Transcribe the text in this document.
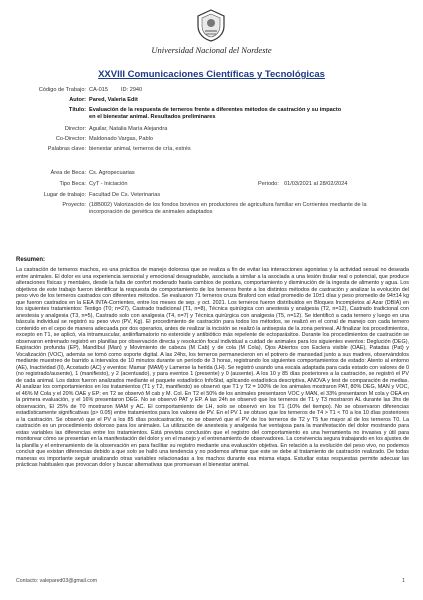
Universidad Nacional del Nordeste
XXVIII Comunicaciones Científicas y Tecnológicas
Código de Trabajo: CA-015 ID: 2940
Autor: Pared, Valeria Edit
Título: Evaluación de la respuesta de terneros frente a diferentes métodos de castración y su impacto
en el bienestar animal. Resultados preliminares
Director: Aguilar, Natalia María Alejandra
Co-Director: Maldonado Vargas, Pablo
Palabras clave: bienestar animal, terneros de cría, estrés
Área de Beca: Cs. Agropecuarias
Tipo Beca: CyT - Iniciación	Periodo: 01/03/2021 al 28/02/2024
Lugar de trabajo: Facultad De Cs. Veterinarias
Proyecto: (18B002) Valorización de los fondos bovinos en productores de agricultura familiar en Corrientes mediante de la
incorporación de genética de animales adaptados
Resumen:
La castración de terneros machos, es una práctica de manejo dolorosa que se realiza a fin de evitar las interacciones agonistas y la actividad sexual no deseada entre animales. El dolor es una experiencia sensorial y emocional desagradable, asociada a similar a la asociada a una lesión tisular real o potencial, que produce alteraciones físicas y mentales, desde la falta de confort moderado hasta cambios de postura, comportamiento y disminución de la ingesta de alimento y agua. Los objetivos de este trabajo fueron identificar la respuesta de comportamiento de los terneros frente a los distintos métodos de castración y analizar la evolución del peso vivo de los terneros castrados con diferentes métodos. Se evaluaron 71 terneros cruza Braford con edad promedio de 10±1 días y peso promedio de 94±14 kg que fueron castrados en la EEA INTA-Corrientes, entre los meses de sep. y oct. 2021. Los terneros fueron distribuidos en Bloques Incompletos al Azar (DBIA) en los siguientes tratamientos: Testigo (T0; n=27), Castrado tradicional (T1, n=8), Técnica quirúrgica con anestesia y analgesia (T2, n=12), Castrado tradicional con anestesia y analgesia (T3, n=5), Castrado solo con analgesia (T4, n=7) y Técnica quirúrgica con analgesia (T5, n=12). Se identificó a cada ternero y luego en una báscula individual se registró su peso vivo (PV, Kg). El procedimiento de castración para todos los métodos, se realizó en el corral de manejo con cada ternero contenido en el cepo de manera adecuada por dos operarios, antes de realizar la incisión se realizó la antisepsia de la zona perineal. Al finalizar los procedimientos, excepto en T1, se aplicó, vía intramuscular, antiinflamatorio no esteroide y antibiótico más repelente de ectoparásitos. Durante los procedimientos de castración se observaron entrenado registró en planillas por observación directa y resolución focal individual a cuidad de animales para los siguientes eventos: Deglución (DEG), Espiración profunda (EP), Mandíbul (Man) y Movimiento de cabeza (M Cab) y de cola (M Cola), Ojos Abiertos con Esclera visible (OAE), Patadas (Pat) y Vocalización (VOC), además se tomó como soporte digital. A las 24hs, los terneros permanecieron en el potrero de mansedad junto a sus madres, observándolos mediante muestreo de barrido a intervalos de 10 minutos durante un período de 3 horas, registrando los siguientes comportamientos de estado: Atento al entorno (AE), Inactividad (II), Acostado (AC) y eventos: Mamar (MAM) y Lamerse la herida (LH). Se registró usando una escala adaptada para cada estado con valores de 0 (no registrado/ausente), 1 (manifiesto), y 2 (acentuado), y para eventos 1 (presente) y 0 (ausente). A los 10 y 85 días posteriores a la castración, se registró el PV de cada animal. Los datos fueron analizados mediante el paquete estadístico InfoStat, aplicando estadística descriptiva, ANOVA y test de comparación de medias. Al analizar los comportamientos en los tratamientos (T1 y T2, manifiesto) se observó que T1 y T2 = 100% de los animales mostraron PAT, 80% DEG, MAN y VOC, el 46% M Cola y el 20% OAE y EP; en T2 se observó M cab y M. Col. En T2 el 50% de los animales presentaron VOC y MAN, el 33% presentaron M cola y OEA en la primera evaluación, y el 16% presentaron DEG. No se observó PAT y EP. A las 24h se observó que los terneros de T1 y T3 mostraron AL durante las 3hs de observación, El 25% de T0 mostraron MAM y AC. El comportamiento de LH, solo se observó en los T1 (10% del tiempo). No se observaron diferencias estadísticamente significativas (p> 0.05) entre tratamientos para los valores de PV. En el PV 1 se obtuvo que los terneros de T4 > T1 < T0 a los 10 días posteriores a la castración. Se observó que el PV a los 85 días postcastración, no se observó que el PV de los terneros de T2 y T5 fue mayor al de los terneros T0. La castración es un procedimiento doloroso para los animales. La utilización de anestesia y analgesia fue ventajosa para la manifestación del dolor mostrando para estas variables las diferencias entre los tratamientos. Está prevista conclusión que el registro del comportamiento es una herramienta no invasiva y útil para monitorear cómo se presentan en la manifestación del dolor y en el manejo y el entrenamiento de observadores. La convivencia segura trabajando en los ajustes de la planilla y el entrenamiento de la observación en para facilitar su registro mediante una evaluación objetiva. En relación a la evolución del peso vivo, no podemos concluir que existan diferencias debido a que solo se halló una tendencia y no podemos afirmar que este se debe al tratamiento de castración realizado. De todas maneras es importante seguir analizando otras variables relacionadas a los machos durante esa misma etapa. Estudiar estas respuestas permite adecuar las prácticas habituales que provocan dolor y buscar alternativas que promuevan el bienestar animal.
Contacto: valepared03@gmail.com	1
